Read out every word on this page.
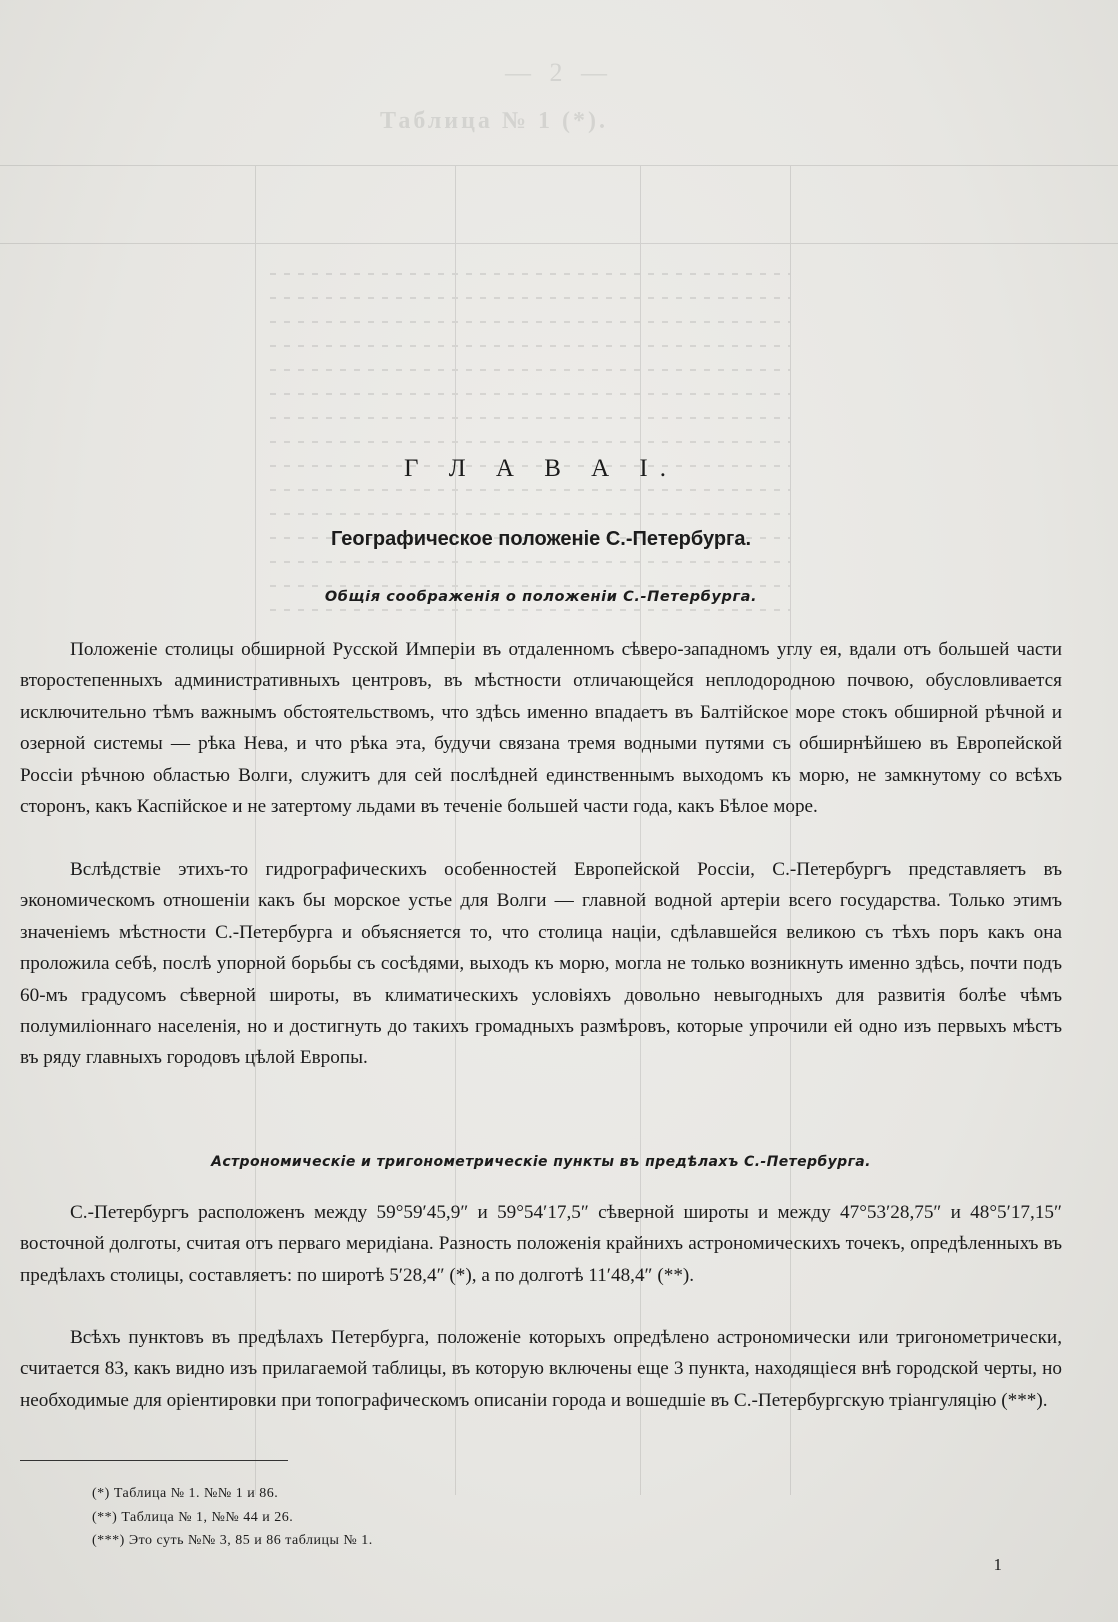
— 2 —
Таблица № 1 (*).
Г Л А В А I.
Географическое положеніе С.-Петербурга.
Общія соображенія о положеніи С.-Петербурга.

Положеніе столицы обширной Русской Имперіи въ отдаленномъ сѣверо-западномъ углу ея, вдали отъ большей части второстепенныхъ административныхъ центровъ, въ мѣстности отличающейся неплодородною почвою, обусловливается исключительно тѣмъ важнымъ обстоятельствомъ, что здѣсь именно впадаетъ въ Балтійское море стокъ обширной рѣчной и озерной системы — рѣка Нева, и что рѣка эта, будучи связана тремя водными путями съ обширнѣйшею въ Европейской Россіи рѣчною областью Волги, служитъ для сей послѣдней единственнымъ выходомъ къ морю, не замкнутому со всѣхъ сторонъ, какъ Каспійское и не затертому льдами въ теченіе большей части года, какъ Бѣлое море.

Вслѣдствіе этихъ-то гидрографическихъ особенностей Европейской Россіи, С.-Петербургъ представляетъ въ экономическомъ отношеніи какъ бы морское устье для Волги — главной водной артеріи всего государства. Только этимъ значеніемъ мѣстности С.-Петербурга и объясняется то, что столица націи, сдѣлавшейся великою съ тѣхъ поръ какъ она проложила себѣ, послѣ упорной борьбы съ сосѣдями, выходъ къ морю, могла не только возникнуть именно здѣсь, почти подъ 60-мъ градусомъ сѣверной широты, въ климатическихъ условіяхъ довольно невыгодныхъ для развитія болѣе чѣмъ полумиліоннаго населенія, но и достигнуть до такихъ громадныхъ размѣровъ, которые упрочили ей одно изъ первыхъ мѣстъ въ ряду главныхъ городовъ цѣлой Европы.

Астрономическіе и тригонометрическіе пункты въ предѣлахъ С.-Петербурга.

С.-Петербургъ расположенъ между 59°59′45,9″ и 59°54′17,5″ сѣверной широты и между 47°53′28,75″ и 48°5′17,15″ восточной долготы, считая отъ перваго меридіана. Разность положенія крайнихъ астрономическихъ точекъ, опредѣленныхъ въ предѣлахъ столицы, составляетъ: по широтѣ 5′28,4″ (*), а по долготѣ 11′48,4″ (**).

Всѣхъ пунктовъ въ предѣлахъ Петербурга, положеніе которыхъ опредѣлено астрономически или тригонометрически, считается 83, какъ видно изъ прилагаемой таблицы, въ которую включены еще 3 пункта, находящіеся внѣ городской черты, но необходимые для оріентировки при топографическомъ описаніи города и вошедшіе въ С.-Петербургскую тріангуляцію (***).

(*) Таблица № 1. №№ 1 и 86.
(**) Таблица № 1, №№ 44 и 26.
(***) Это суть №№ 3, 85 и 86 таблицы № 1.
1
